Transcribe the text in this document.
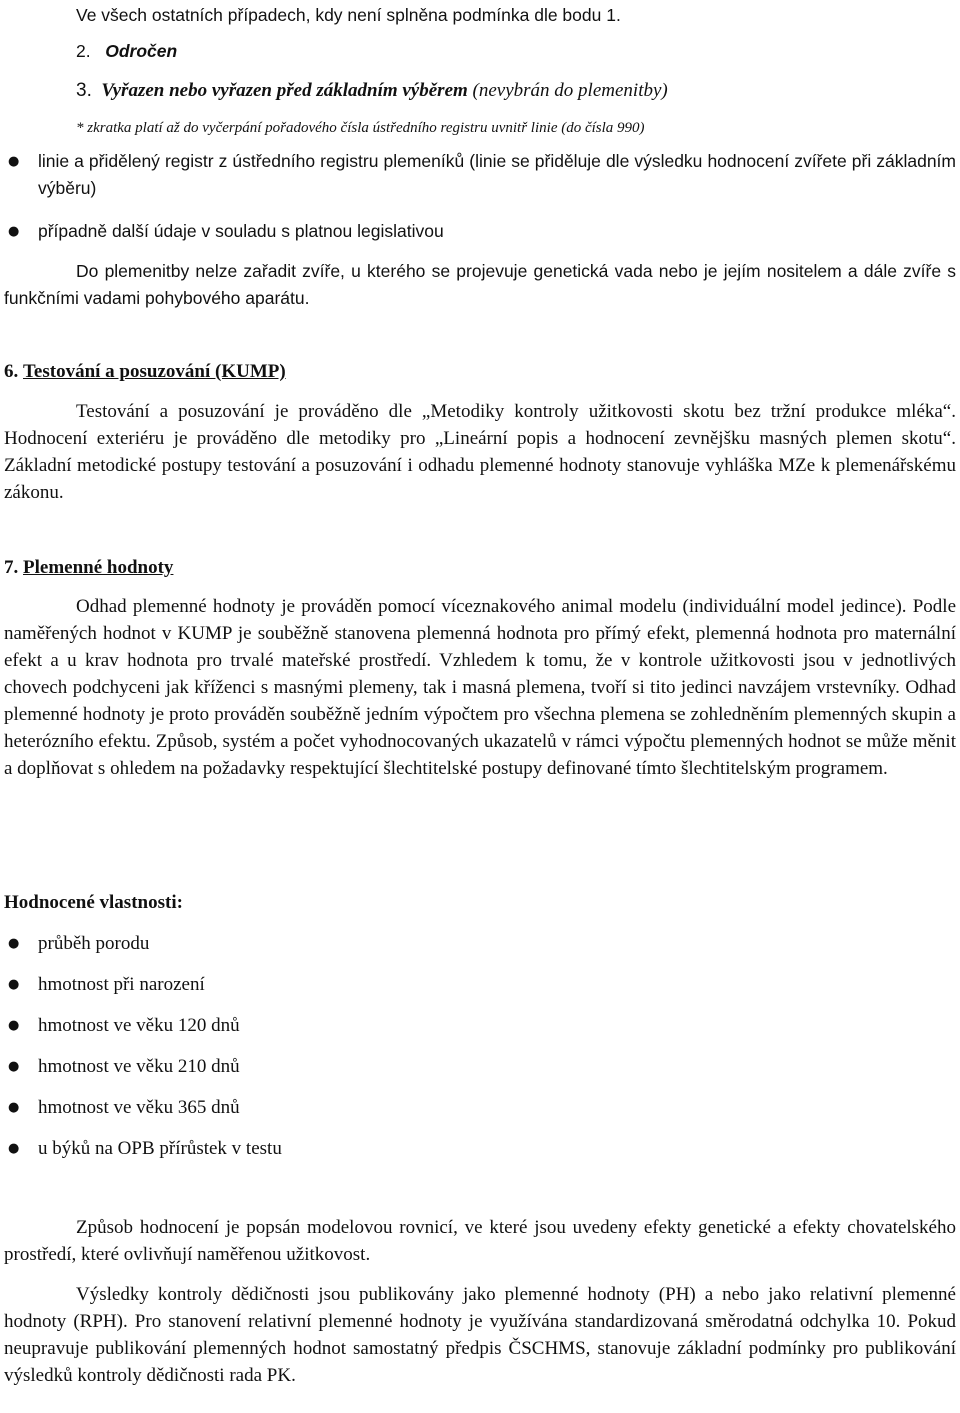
Ve všech ostatních případech, kdy není splněna podmínka dle bodu 1.
2. Odročen
3. Vyřazen nebo vyřazen před základním výběrem (nevybrán do plemenitby)
* zkratka platí až do vyčerpání pořadového čísla ústředního registru uvnitř linie (do čísla 990)
● linie a přidělený registr z ústředního registru plemeníků (linie se přiděluje dle výsledku hodnocení zvířete při základním výběru)
● případně další údaje v souladu s platnou legislativou
Do plemenitby nelze zařadit zvíře, u kterého se projevuje genetická vada nebo je jejím nositelem a dále zvíře s funkčními vadami pohybového aparátu.
6. Testování a posuzování (KUMP)
Testování a posuzování je prováděno dle „Metodiky kontroly užitkovosti skotu bez tržní produkce mléka“. Hodnocení exteriéru je prováděno dle metodiky pro „Lineární popis a hodnocení zevnějšku masných plemen skotu“. Základní metodické postupy testování a posuzování i odhadu plemenné hodnoty stanovuje vyhláška MZe k plemenářskému zákonu.
7. Plemenné hodnoty
Odhad plemenné hodnoty je prováděn pomocí víceznakového animal modelu (individuální model jedince). Podle naměřených hodnot v KUMP je souběžně stanovena plemenná hodnota pro přímý efekt, plemenná hodnota pro maternální efekt a u krav hodnota pro trvalé mateřské prostředí. Vzhledem k tomu, že v kontrole užitkovosti jsou v jednotlivých chovech podchyceni jak kříženci s masnými plemeny, tak i masná plemena, tvoří si tito jedinci navzájem vrstevníky. Odhad plemenné hodnoty je proto prováděn souběžně jedním výpočtem pro všechna plemena se zohledněním plemenných skupin a heterózního efektu. Způsob, systém a počet vyhodnocovaných ukazatelů v rámci výpočtu plemenných hodnot se může měnit a doplňovat s ohledem na požadavky respektující šlechtitelské postupy definované tímto šlechtitelským programem.
Hodnocené vlastnosti:
● průběh porodu
● hmotnost při narození
● hmotnost ve věku 120 dnů
● hmotnost ve věku 210 dnů
● hmotnost ve věku 365 dnů
● u býků na OPB přírůstek v testu
Způsob hodnocení je popsán modelovou rovnicí, ve které jsou uvedeny efekty genetické a efekty chovatelského prostředí, které ovlivňují naměřenou užitkovost.
Výsledky kontroly dědičnosti jsou publikovány jako plemenné hodnoty (PH) a nebo jako relativní plemenné hodnoty (RPH). Pro stanovení relativní plemenné hodnoty je využívána standardizovaná směrodatná odchylka 10. Pokud neupravuje publikování plemenných hodnot samostatný předpis ČSCHMS, stanovuje základní podmínky pro publikování výsledků kontroly dědičnosti rada PK.
